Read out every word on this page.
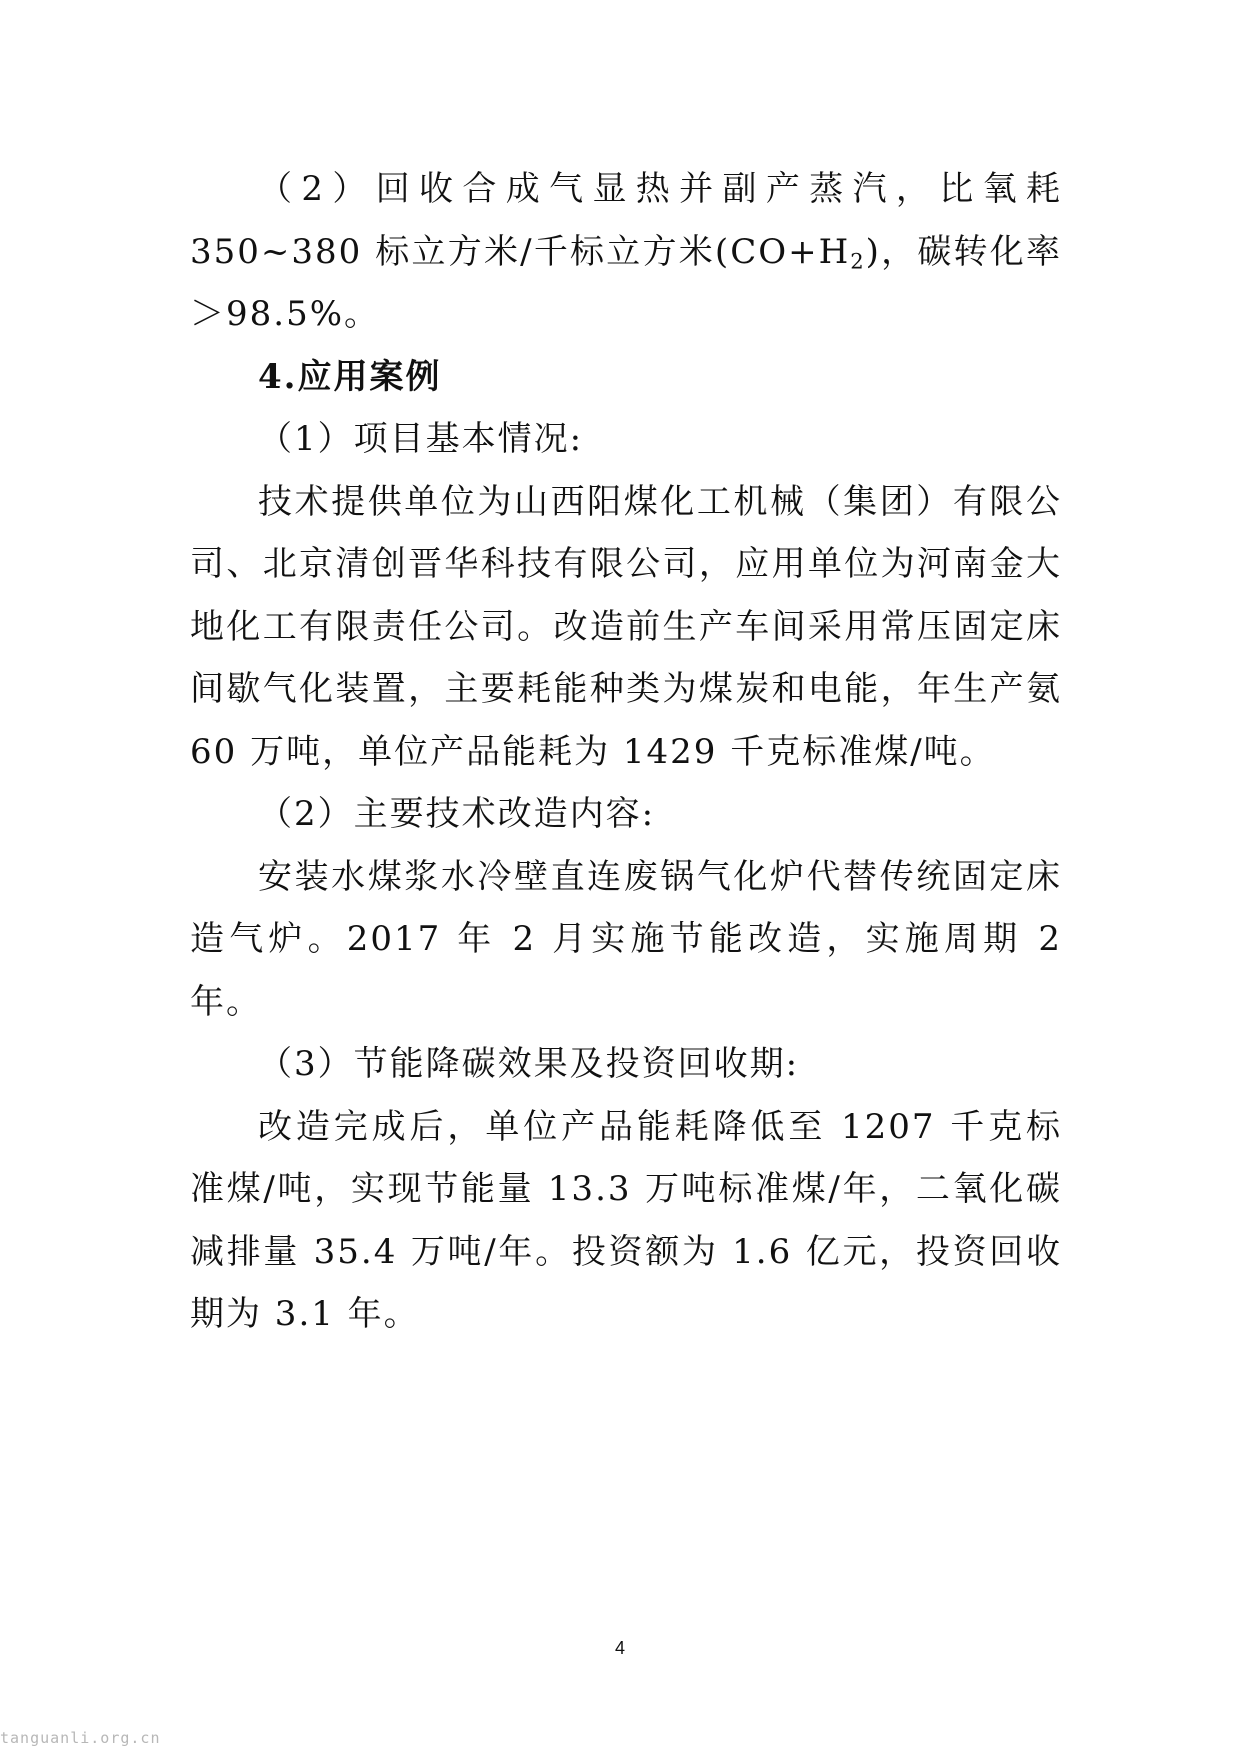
（2）回收合成气显热并副产蒸汽，比氧耗 350~380 标立方米/千标立方米$(CO+H_2)$，碳转化率＞98.5%。

4.应用案例

（1）项目基本情况:

技术提供单位为山西阳煤化工机械（集团）有限公司、北京清创晋华科技有限公司，应用单位为河南金大地化工有限责任公司。改造前生产车间采用常压固定床间歇气化装置，主要耗能种类为煤炭和电能，年生产氨 60 万吨，单位产品能耗为 1429 千克标准煤/吨。

（2）主要技术改造内容:

安装水煤浆水冷壁直连废锅气化炉代替传统固定床造气炉。2017 年 2 月实施节能改造，实施周期 2 年。

（3）节能降碳效果及投资回收期:

改造完成后，单位产品能耗降低至 1207 千克标准煤/吨，实现节能量 13.3 万吨标准煤/年，二氧化碳减排量 35.4 万吨/年。投资额为 1.6 亿元，投资回收期为 3.1 年。

4
tanguanli.org.cn
